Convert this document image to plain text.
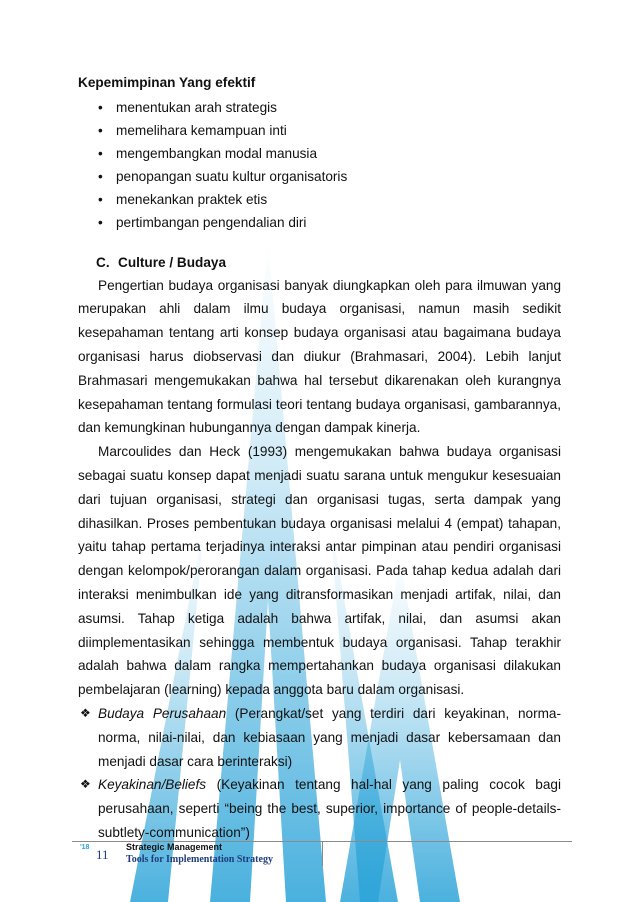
Kepemimpinan Yang efektif
• menentukan arah strategis
• memelihara kemampuan inti
• mengembangkan modal manusia
• penopangan suatu kultur organisatoris
• menekankan praktek etis
• pertimbangan pengendalian diri
C. Culture / Budaya

Pengertian budaya organisasi banyak diungkapkan oleh para ilmuwan yang merupakan ahli dalam ilmu budaya organisasi, namun masih sedikit kesepahaman tentang arti konsep budaya organisasi atau bagaimana budaya organisasi harus diobservasi dan diukur (Brahmasari, 2004). Lebih lanjut Brahmasari mengemukakan bahwa hal tersebut dikarenakan oleh kurangnya kesepahaman tentang formulasi teori tentang budaya organisasi, gambarannya, dan kemungkinan hubungannya dengan dampak kinerja.

Marcoulides dan Heck (1993) mengemukakan bahwa budaya organisasi sebagai suatu konsep dapat menjadi suatu sarana untuk mengukur kesesuaian dari tujuan organisasi, strategi dan organisasi tugas, serta dampak yang dihasilkan. Proses pembentukan budaya organisasi melalui 4 (empat) tahapan, yaitu tahap pertama terjadinya interaksi antar pimpinan atau pendiri organisasi dengan kelompok/perorangan dalam organisasi. Pada tahap kedua adalah dari interaksi menimbulkan ide yang ditransformasikan menjadi artifak, nilai, dan asumsi. Tahap ketiga adalah bahwa artifak, nilai, dan asumsi akan diimplementasikan sehingga membentuk budaya organisasi. Tahap terakhir adalah bahwa dalam rangka mempertahankan budaya organisasi dilakukan pembelajaran (learning) kepada anggota baru dalam organisasi.

❖ Budaya Perusahaan (Perangkat/set yang terdiri dari keyakinan, norma-norma, nilai-nilai, dan kebiasaan yang menjadi dasar kebersamaan dan menjadi dasar cara berinteraksi)

❖ Keyakinan/Beliefs (Keyakinan tentang hal-hal yang paling cocok bagi perusahaan, seperti “being the best, superior, importance of people-details-subtlety-communication”)

'18 11 Strategic Management
Tools for Implementation Strategy
